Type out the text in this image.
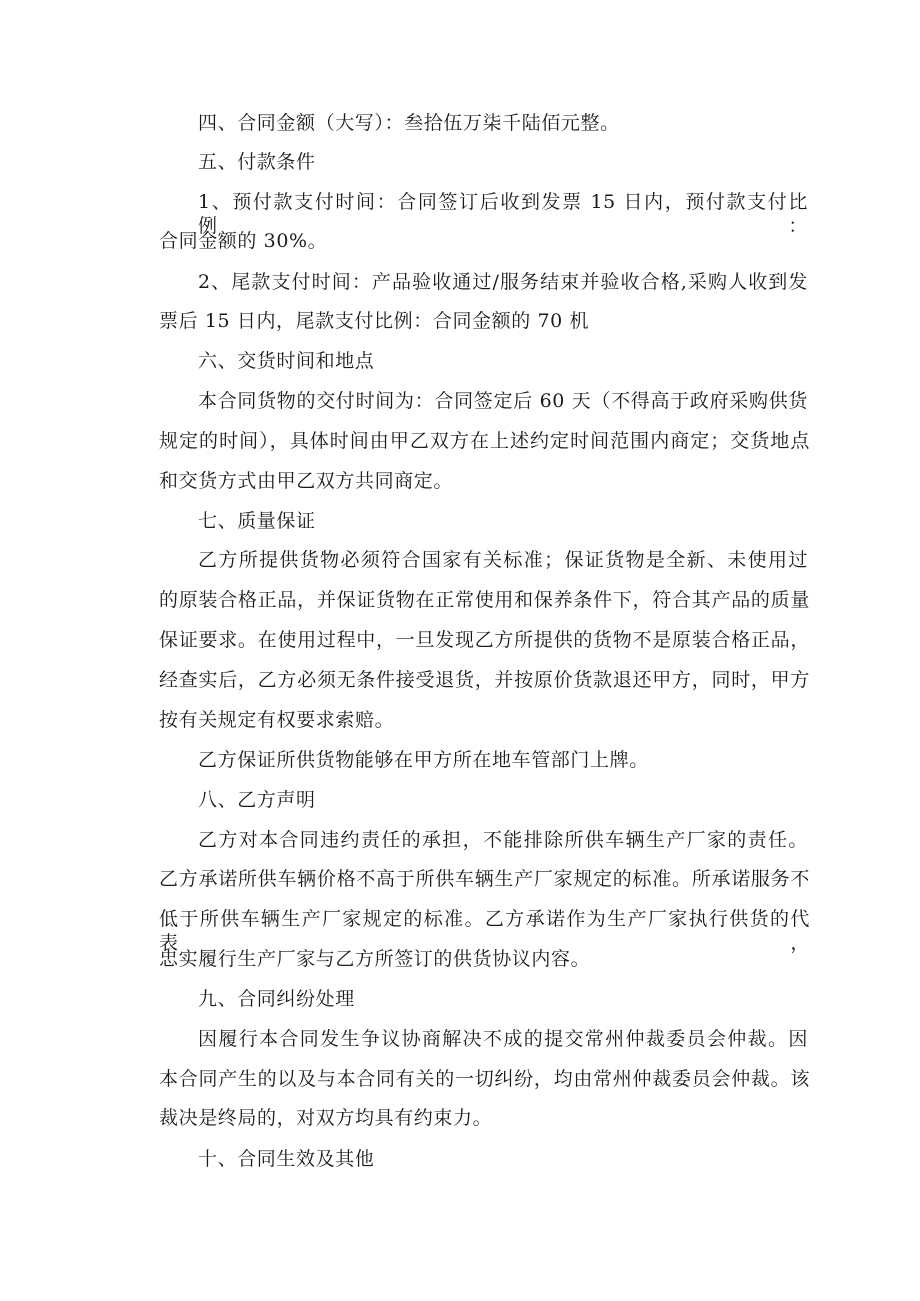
四、合同金额（大写）：叁拾伍万柒千陆佰元整。
五、付款条件
1、预付款支付时间：合同签订后收到发票 15 日内，预付款支付比例：
合同金额的 30%。
2、尾款支付时间：产品验收通过/服务结束并验收合格,采购人收到发
票后 15 日内，尾款支付比例：合同金额的 70 机
六、交货时间和地点
本合同货物的交付时间为：合同签定后 60 天（不得高于政府采购供货
规定的时间），具体时间由甲乙双方在上述约定时间范围内商定；交货地点
和交货方式由甲乙双方共同商定。
七、质量保证
乙方所提供货物必须符合国家有关标准；保证货物是全新、未使用过
的原装合格正品，并保证货物在正常使用和保养条件下，符合其产品的质量
保证要求。在使用过程中，一旦发现乙方所提供的货物不是原装合格正品，
经查实后，乙方必须无条件接受退货，并按原价货款退还甲方，同时，甲方
按有关规定有权要求索赔。
乙方保证所供货物能够在甲方所在地车管部门上牌。
八、乙方声明
乙方对本合同违约责任的承担，不能排除所供车辆生产厂家的责任。
乙方承诺所供车辆价格不高于所供车辆生产厂家规定的标准。所承诺服务不
低于所供车辆生产厂家规定的标准。乙方承诺作为生产厂家执行供货的代表，
忠实履行生产厂家与乙方所签订的供货协议内容。
九、合同纠纷处理
因履行本合同发生争议协商解决不成的提交常州仲裁委员会仲裁。因
本合同产生的以及与本合同有关的一切纠纷，均由常州仲裁委员会仲裁。该
裁决是终局的，对双方均具有约束力。
十、合同生效及其他
